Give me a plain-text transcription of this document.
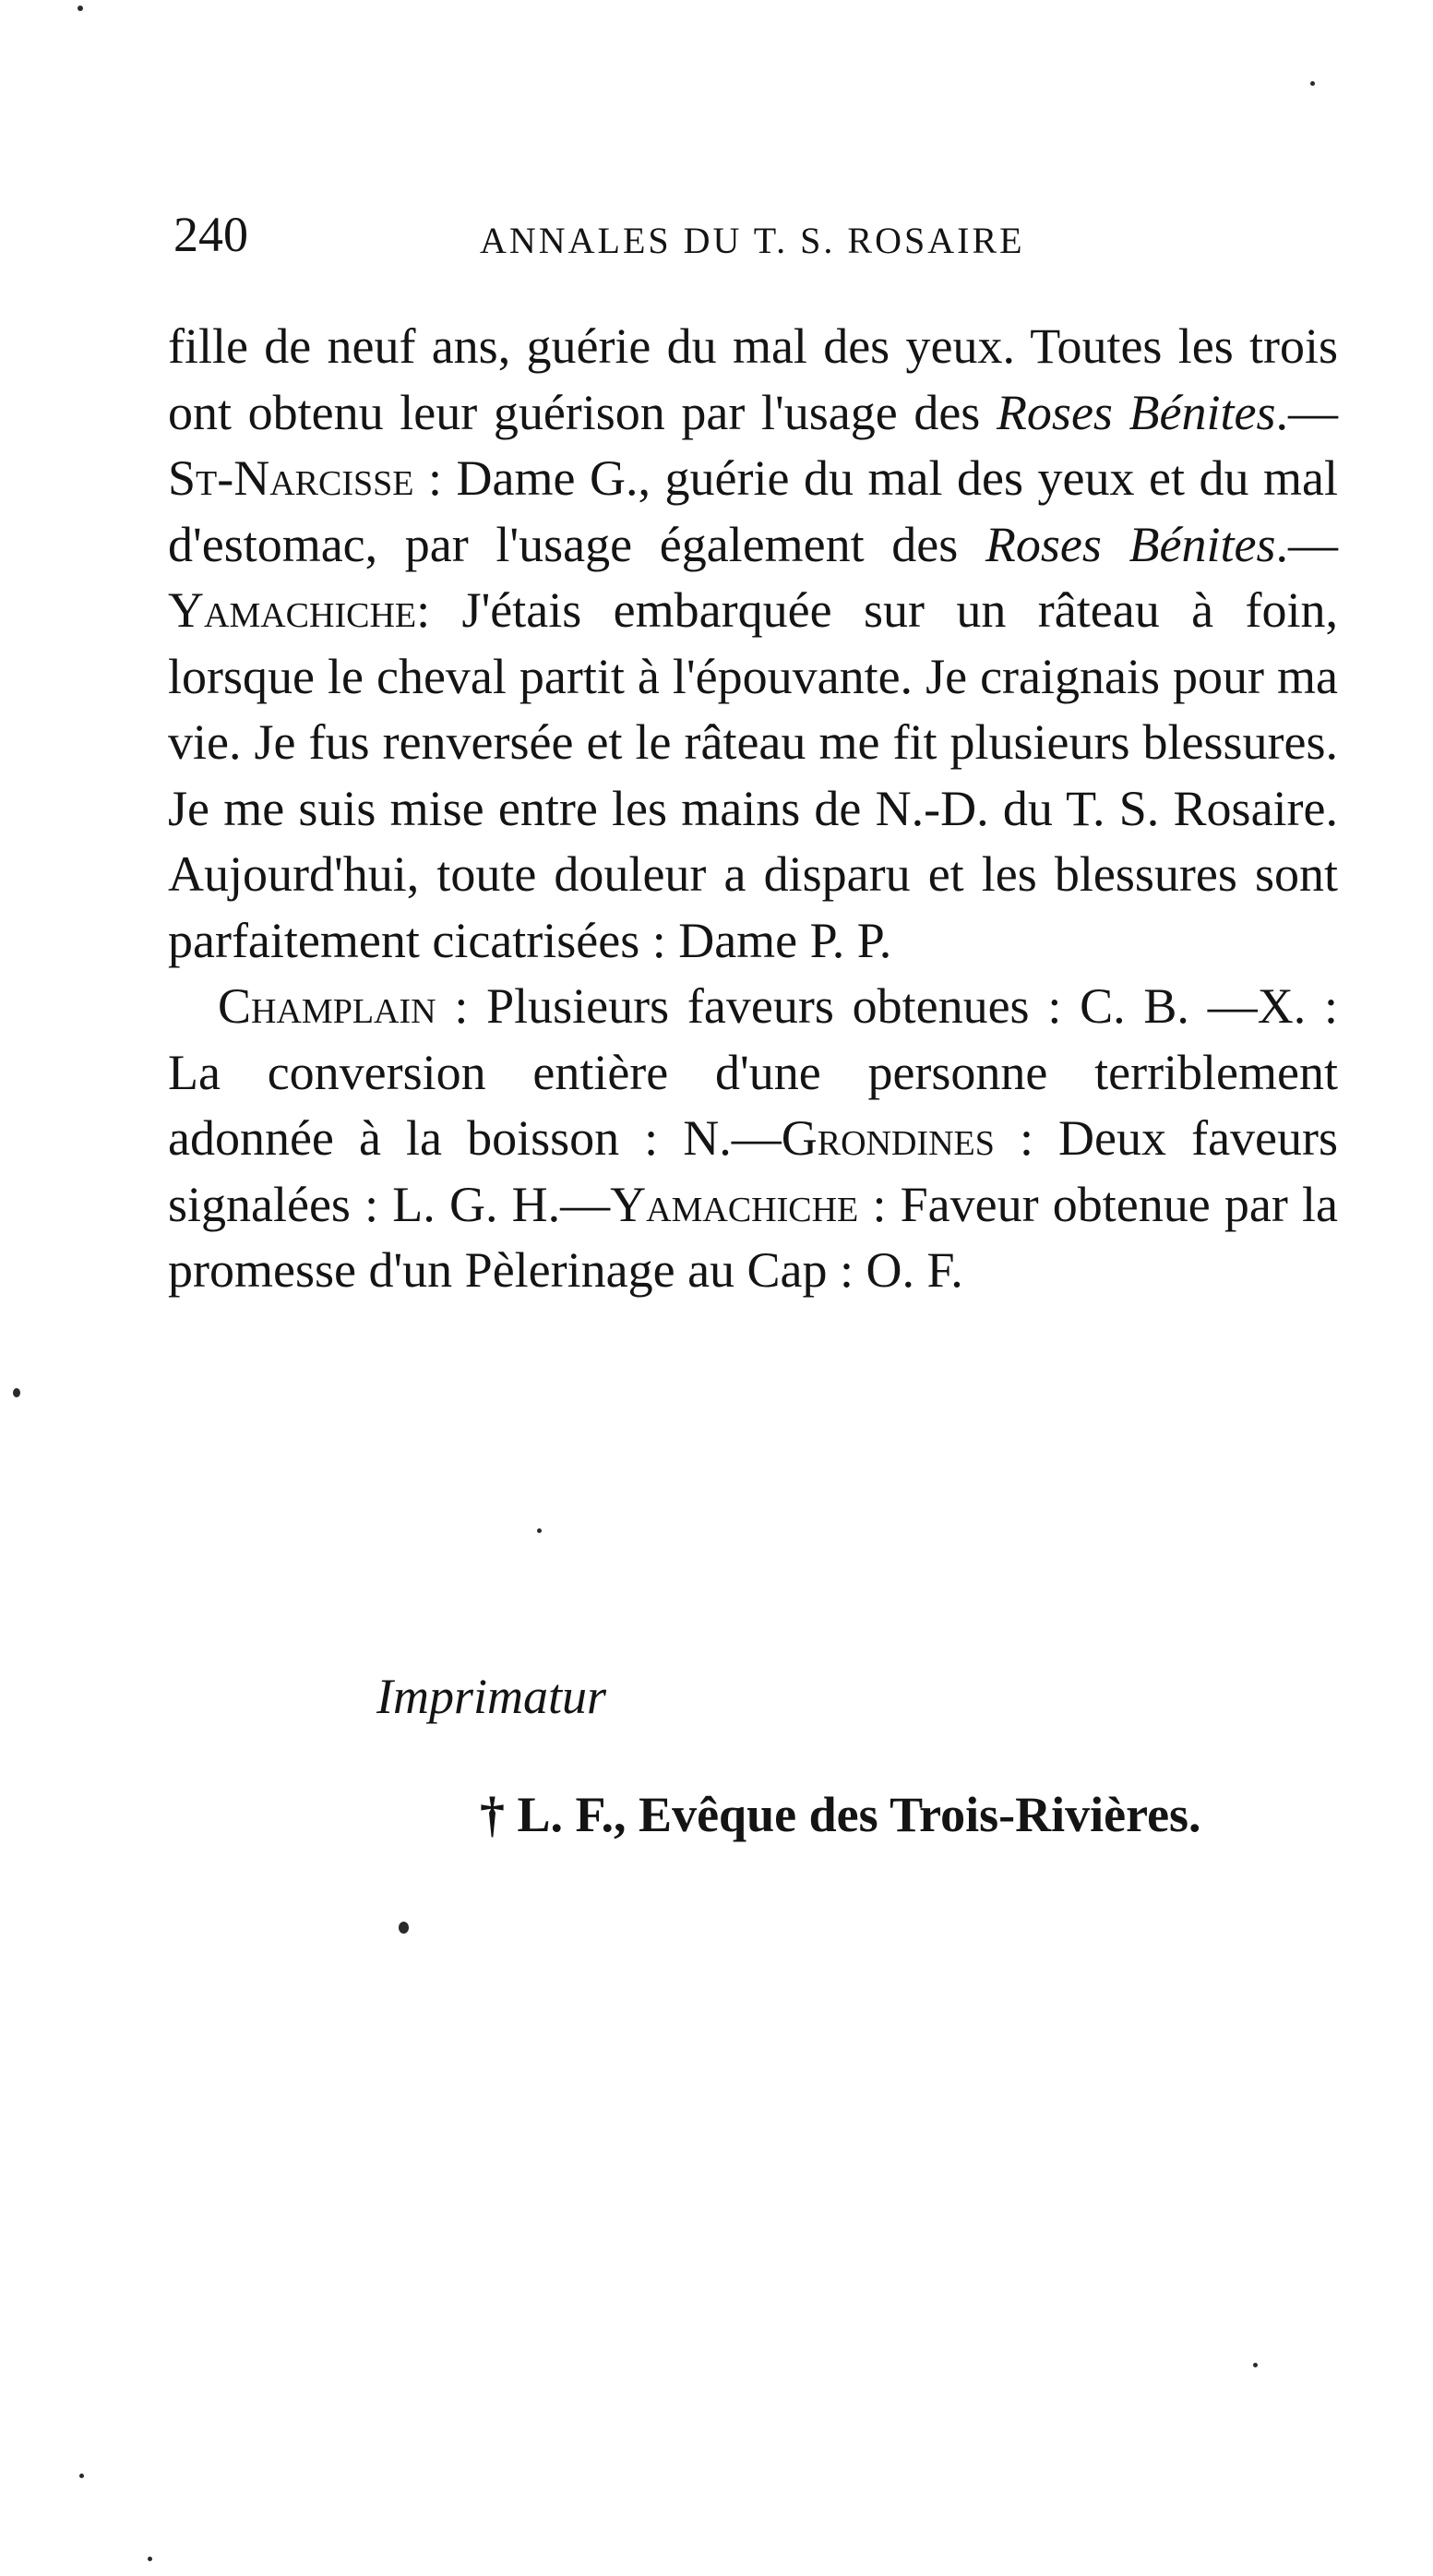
240	ANNALES DU T. S. ROSAIRE

fille de neuf ans, guérie du mal des yeux. Toutes les trois ont obtenu leur guérison par l'usage des Roses Bénites.—St-Narcisse : Dame G., guérie du mal des yeux et du mal d'estomac, par l'usage également des Roses Bénites.—Yamachiche: J'étais embarquée sur un râteau à foin, lorsque le cheval partit à l'épouvante. Je craignais pour ma vie. Je fus renversée et le râteau me fit plusieurs blessures. Je me suis mise entre les mains de N.-D. du T. S. Rosaire. Aujourd'hui, toute douleur a disparu et les blessures sont parfaitement cicatrisées : Dame P. P.

Champlain : Plusieurs faveurs obtenues : C. B. —X. : La conversion entière d'une personne terriblement adonnée à la boisson : N.—Grondines : Deux faveurs signalées : L. G. H.—Yamachiche : Faveur obtenue par la promesse d'un Pèlerinage au Cap : O. F.

Imprimatur
† L. F., Evêque des Trois-Rivières.
